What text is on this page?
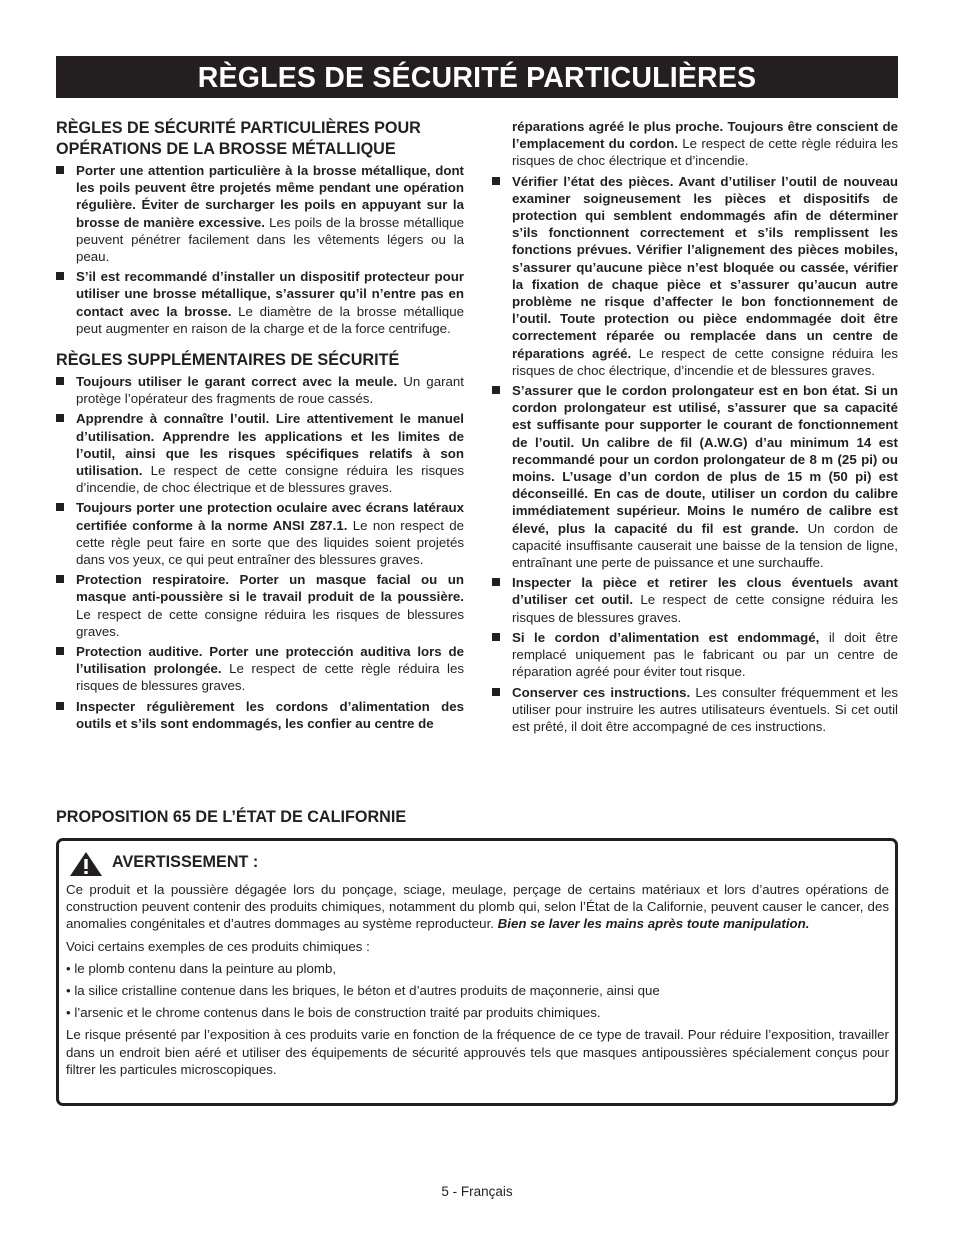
RÈGLES DE SÉCURITÉ PARTICULIÈRES
RÈGLES DE SÉCURITÉ PARTICULIÈRES POUR OPÉRATIONS DE LA BROSSE MÉTALLIQUE
Porter une attention particulière à la brosse métallique, dont les poils peuvent être projetés même pendant une opération régulière. Éviter de surcharger les poils en appuyant sur la brosse de manière excessive. Les poils de la brosse métallique peuvent pénétrer facilement dans les vêtements légers ou la peau.
S’il est recommandé d’installer un dispositif protecteur pour utiliser une brosse métallique, s’assurer qu’il n’entre pas en contact avec la brosse. Le diamètre de la brosse métallique peut augmenter en raison de la charge et de la force centrifuge.
RÈGLES SUPPLÉMENTAIRES DE SÉCURITÉ
Toujours utiliser le garant correct avec la meule. Un garant protège l’opérateur des fragments de roue cassés.
Apprendre à connaître l’outil. Lire attentivement le manuel d’utilisation. Apprendre les applications et les limites de l’outil, ainsi que les risques spécifiques relatifs à son utilisation. Le respect de cette consigne réduira les risques d’incendie, de choc électrique et de blessures graves.
Toujours porter une protection oculaire avec écrans latéraux certifiée conforme à la norme ANSI Z87.1. Le non respect de cette règle peut faire en sorte que des liquides soient projetés dans vos yeux, ce qui peut entraîner des blessures graves.
Protection respiratoire. Porter un masque facial ou un masque anti-poussière si le travail produit de la poussière. Le respect de cette consigne réduira les risques de blessures graves.
Protection auditive. Porter une protección auditiva lors de l’utilisation prolongée. Le respect de cette règle réduira les risques de blessures graves.
Inspecter régulièrement les cordons d’alimentation des outils et s’ils sont endommagés, les confier au centre de
réparations agréé le plus proche. Toujours être conscient de l’emplacement du cordon. Le respect de cette règle réduira les risques de choc électrique et d’incendie.
Vérifier l’état des pièces. Avant d’utiliser l’outil de nouveau examiner soigneusement les pièces et dispositifs de protection qui semblent endommagés afin de déterminer s’ils fonctionnent correctement et s’ils remplissent les fonctions prévues. Vérifier l’alignement des pièces mobiles, s’assurer qu’aucune pièce n’est bloquée ou cassée, vérifier la fixation de chaque pièce et s’assurer qu’aucun autre problème ne risque d’affecter le bon fonctionnement de l’outil. Toute protection ou pièce endommagée doit être correctement réparée ou remplacée dans un centre de réparations agréé. Le respect de cette consigne réduira les risques de choc électrique, d’incendie et de blessures graves.
S’assurer que le cordon prolongateur est en bon état. Si un cordon prolongateur est utilisé, s’assurer que sa capacité est suffisante pour supporter le courant de fonctionnement de l’outil. Un calibre de fil (A.W.G) d’au minimum 14 est recommandé pour un cordon prolongateur de 8 m (25 pi) ou moins. L’usage d’un cordon de plus de 15 m (50 pi) est déconseillé. En cas de doute, utiliser un cordon du calibre immédiatement supérieur. Moins le numéro de calibre est élevé, plus la capacité du fil est grande. Un cordon de capacité insuffisante causerait une baisse de la tension de ligne, entraînant une perte de puissance et une surchauffe.
Inspecter la pièce et retirer les clous éventuels avant d’utiliser cet outil. Le respect de cette consigne réduira les risques de blessures graves.
Si le cordon d’alimentation est endommagé, il doit être remplacé uniquement pas le fabricant ou par un centre de réparation agréé pour éviter tout risque.
Conserver ces instructions. Les consulter fréquemment et les utiliser pour instruire les autres utilisateurs éventuels. Si cet outil est prêté, il doit être accompagné de ces instructions.
PROPOSITION 65 DE L’ÉTAT DE CALIFORNIE
AVERTISSEMENT :

Ce produit et la poussière dégagée lors du ponçage, sciage, meulage, perçage de certains matériaux et lors d’autres opérations de construction peuvent contenir des produits chimiques, notamment du plomb qui, selon l’État de la Californie, peuvent causer le cancer, des anomalies congénitales et d’autres dommages au système reproducteur. Bien se laver les mains après toute manipulation.

Voici certains exemples de ces produits chimiques :

• le plomb contenu dans la peinture au plomb,

• la silice cristalline contenue dans les briques, le béton et d’autres produits de maçonnerie, ainsi que

• l’arsenic et le chrome contenus dans le bois de construction traité par produits chimiques.

Le risque présenté par l’exposition à ces produits varie en fonction de la fréquence de ce type de travail. Pour réduire l’exposition, travailler dans un endroit bien aéré et utiliser des équipements de sécurité approuvés tels que masques antipoussières spécialement conçus pour filtrer les particules microscopiques.

5 - Français
